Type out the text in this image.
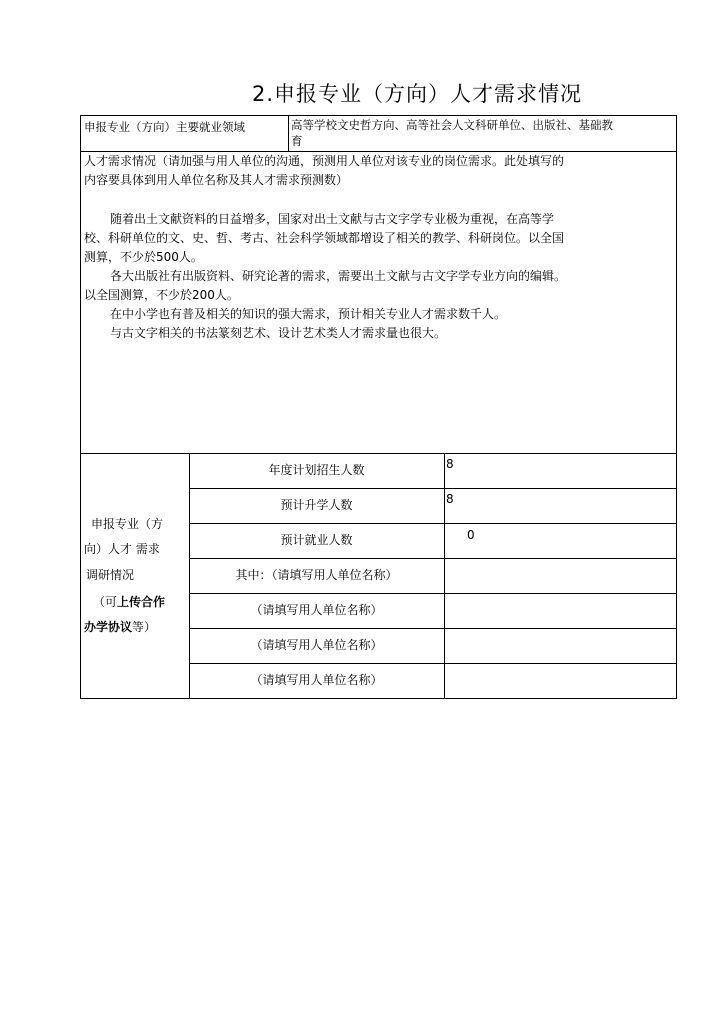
2.申报专业（方向）人才需求情况
申报专业（方向）主要就业领域	高等学校文史哲方向、高等社会人文科研单位、出版社、基础教
育
人才需求情况（请加强与用人单位的沟通，预测用人单位对该专业的岗位需求。此处填写的
内容要具体到用人单位名称及其人才需求预测数）
随着出土文献资料的日益增多，国家对出土文献与古文字学专业极为重视，在高等学
校、科研单位的文、史、哲、考古、社会科学领域都增设了相关的教学、科研岗位。以全国
测算，不少於500人。
各大出版社有出版资料、研究论著的需求，需要出土文献与古文字学专业方向的编辑。
以全国测算，不少於200人。
在中小学也有普及相关的知识的强大需求，预计相关专业人才需求数千人。
与古文字相关的书法篆刻艺术、设计艺术类人才需求量也很大。
申报专业（方
向）人才 需求
调研情况
（可上传合作
办学协议等）
年度计划招生人数
预计升学人数
预计就业人数
其中：（请填写用人单位名称）
（请填写用人单位名称）
（请填写用人单位名称）
（请填写用人单位名称）
8
8
0
